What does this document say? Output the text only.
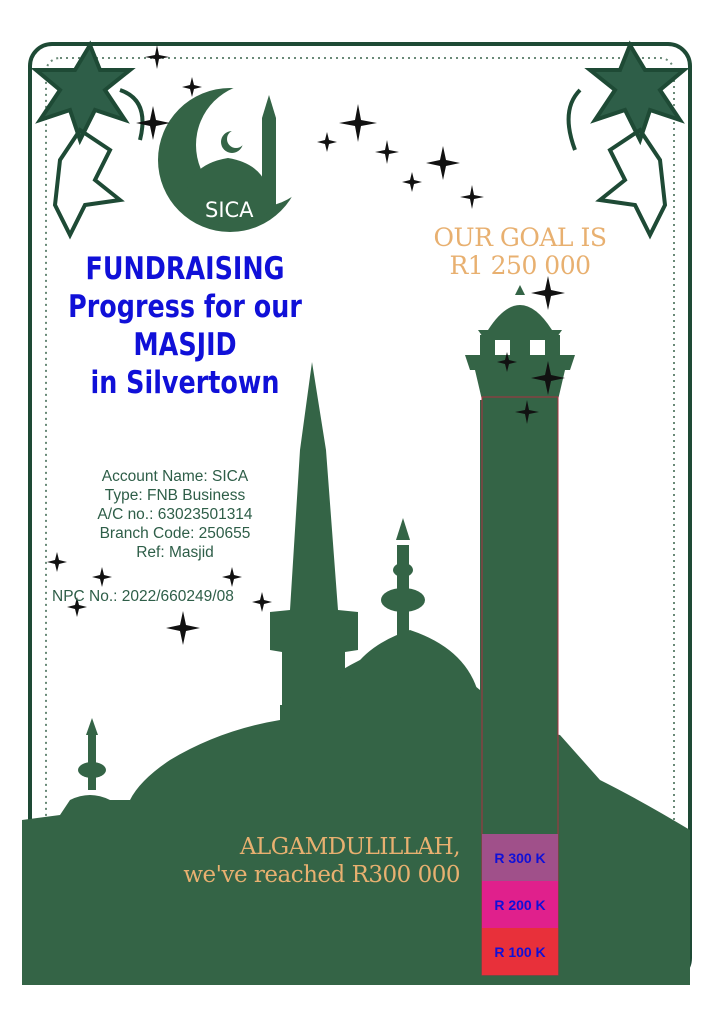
SICA
FUNDRAISING
Progress for our
MASJID
in Silvertown
Account Name: SICA
Type: FNB Business
A/C no.: 63023501314
Branch Code: 250655
Ref: Masjid
NPC No.: 2022/660249/08
OUR GOAL IS
R1 250 000
ALGAMDULILLAH,
we've reached R300 000
R 300 K
R 200 K
R 100 K
